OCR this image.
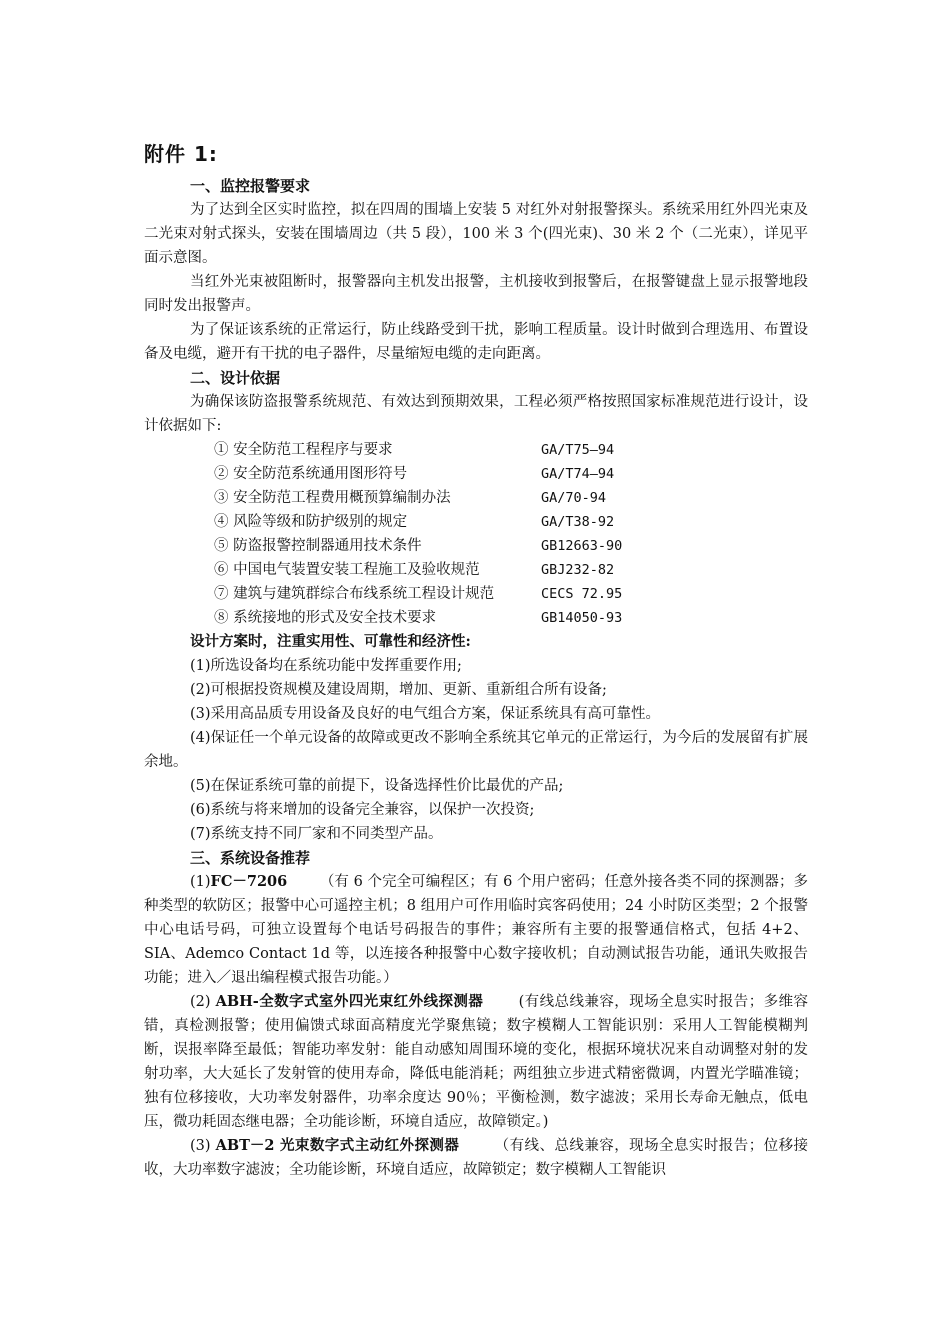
附件 1:
一、监控报警要求

为了达到全区实时监控，拟在四周的围墙上安装 5 对红外对射报警探头。系统采用红外四光束及二光束对射式探头，安装在围墙周边（共 5 段），100 米 3 个(四光束)、30 米 2 个（二光束），详见平面示意图。

当红外光束被阻断时，报警器向主机发出报警，主机接收到报警后，在报警键盘上显示报警地段同时发出报警声。

为了保证该系统的正常运行，防止线路受到干扰，影响工程质量。设计时做到合理选用、布置设备及电缆，避开有干扰的电子器件，尽量缩短电缆的走向距离。

二、设计依据

为确保该防盗报警系统规范、有效达到预期效果，工程必须严格按照国家标准规范进行设计，设计依据如下:

① 安全防范工程程序与要求	GA/T75—94
② 安全防范系统通用图形符号	GA/T74—94
③ 安全防范工程费用概预算编制办法	GA/70-94
④ 风险等级和防护级别的规定	GA/T38-92
⑤ 防盗报警控制器通用技术条件	GB12663-90
⑥ 中国电气装置安装工程施工及验收规范	GBJ232-82
⑦ 建筑与建筑群综合布线系统工程设计规范	CECS 72.95
⑧ 系统接地的形式及安全技术要求	GB14050-93

设计方案时，注重实用性、可靠性和经济性:

(1)所选设备均在系统功能中发挥重要作用;

(2)可根据投资规模及建设周期，增加、更新、重新组合所有设备;

(3)采用高品质专用设备及良好的电气组合方案，保证系统具有高可靠性。

(4)保证任一个单元设备的故障或更改不影响全系统其它单元的正常运行，为今后的发展留有扩展余地。

(5)在保证系统可靠的前提下，设备选择性价比最优的产品;

(6)系统与将来增加的设备完全兼容，以保护一次投资;

(7)系统支持不同厂家和不同类型产品。

三、系统设备推荐

(1)FC－7206 （有 6 个完全可编程区；有 6 个用户密码；任意外接各类不同的探测器；多种类型的软防区；报警中心可遥控主机；8 组用户可作用临时宾客码使用；24 小时防区类型；2 个报警中心电话号码，可独立设置每个电话号码报告的事件；兼容所有主要的报警通信格式，包括 4+2、SIA、Ademco Contact 1d 等，以连接各种报警中心数字接收机；自动测试报告功能，通讯失败报告功能；进入／退出编程模式报告功能。）

(2) ABH-全数字式室外四光束红外线探测器 (有线总线兼容，现场全息实时报告；多维容错，真检测报警；使用偏馈式球面高精度光学聚焦镜；数字模糊人工智能识别：采用人工智能模糊判断，误报率降至最低；智能功率发射：能自动感知周围环境的变化，根据环境状况来自动调整对射的发射功率，大大延长了发射管的使用寿命，降低电能消耗；两组独立步进式精密微调，内置光学瞄准镜；独有位移接收，大功率发射器件，功率余度达 90％；平衡检测，数字滤波；采用长寿命无触点，低电压，微功耗固态继电器；全功能诊断，环境自适应，故障锁定。)

(3) ABT－2 光束数字式主动红外探测器 （有线、总线兼容，现场全息实时报告；位移接收，大功率数字滤波；全功能诊断，环境自适应，故障锁定；数字模糊人工智能识
